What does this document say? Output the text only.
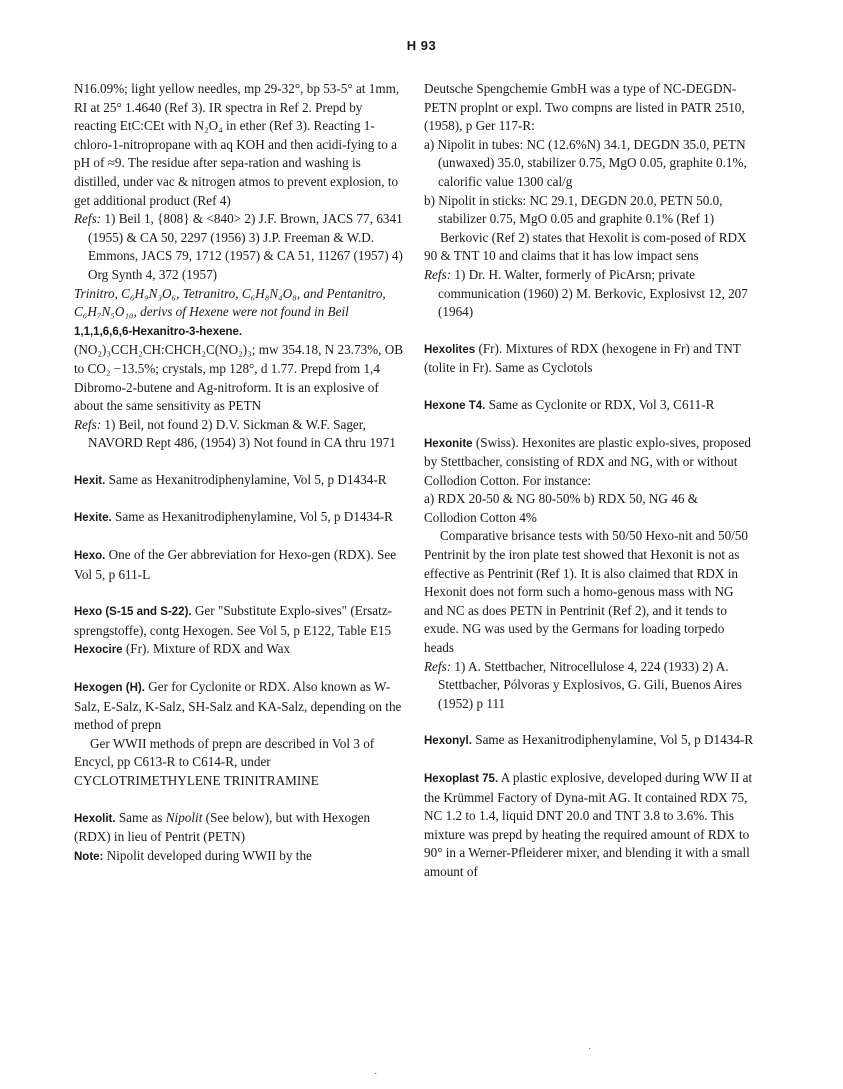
H 93

N16.09%; light yellow needles, mp 29-32°, bp 53-5° at 1mm, RI at 25° 1.4640 (Ref 3). IR spectra in Ref 2. Prepd by reacting EtC:CEt with N₂O₄ in ether (Ref 3). Reacting 1-chloro-1-nitropropane with aq KOH and then acidi-fying to a pH of ≈9. The residue after sepa-ration and washing is distilled, under vac & nitrogen atmos to prevent explosion, to get additional product (Ref 4)

Refs: 1) Beil 1, {808} & <840> 2) J.F. Brown, JACS 77, 6341 (1955) & CA 50, 2297 (1956) 3) J.P. Freeman & W.D. Emmons, JACS 79, 1712 (1957) & CA 51, 11267 (1957) 4) Org Synth 4, 372 (1957)

Trinitro, C₆H₉N₃O₆, Tetranitro, C₆H₈N₄O₈, and Pentanitro, C₆H₇N₅O₁₀, derivs of Hexene were not found in Beil

1,1,1,6,6,6-Hexanitro-3-hexene. (NO₂)₃CCH₂CH:CHCH₂C(NO₂)₃; mw 354.18, N 23.73%, OB to CO₂ −13.5%; crystals, mp 128°, d 1.77. Prepd from 1,4 Dibromo-2-butene and Ag-nitroform. It is an explosive of about the same sensitivity as PETN

Refs: 1) Beil, not found 2) D.V. Sickman & W.F. Sager, NAVORD Rept 486, (1954) 3) Not found in CA thru 1971

Hexit. Same as Hexanitrodiphenylamine, Vol 5, p D1434-R

Hexite. Same as Hexanitrodiphenylamine, Vol 5, p D1434-R

Hexo. One of the Ger abbreviation for Hexo-gen (RDX). See Vol 5, p 611-L

Hexo (S-15 and S-22). Ger "Substitute Explo-sives" (Ersatz-sprengstoffe), contg Hexogen. See Vol 5, p E122, Table E15

Hexocire (Fr). Mixture of RDX and Wax

Hexogen (H). Ger for Cyclonite or RDX. Also known as W-Salz, E-Salz, K-Salz, SH-Salz and KA-Salz, depending on the method of prepn

Ger WWII methods of prepn are described in Vol 3 of Encycl, pp C613-R to C614-R, under CYCLOTRIMETHYLENE TRINITRAMINE

Hexolit. Same as Nipolit (See below), but with Hexogen (RDX) in lieu of Pentrit (PETN)

Note: Nipolit developed during WWII by the

Deutsche Spengchemie GmbH was a type of NC-DEGDN-PETN proplnt or expl. Two compns are listed in PATR 2510, (1958), p Ger 117-R:

a) Nipolit in tubes: NC (12.6%N) 34.1, DEGDN 35.0, PETN (unwaxed) 35.0, stabilizer 0.75, MgO 0.05, graphite 0.1%, calorific value 1300 cal/g

b) Nipolit in sticks: NC 29.1, DEGDN 20.0, PETN 50.0, stabilizer 0.75, MgO 0.05 and graphite 0.1% (Ref 1)

Berkovic (Ref 2) states that Hexolit is com-posed of RDX 90 & TNT 10 and claims that it has low impact sens

Refs: 1) Dr. H. Walter, formerly of PicArsn; private communication (1960) 2) M. Berkovic, Explosivst 12, 207 (1964)

Hexolites (Fr). Mixtures of RDX (hexogene in Fr) and TNT (tolite in Fr). Same as Cyclotols

Hexone T4. Same as Cyclonite or RDX, Vol 3, C611-R

Hexonite (Swiss). Hexonites are plastic explo-sives, proposed by Stettbacher, consisting of RDX and NG, with or without Collodion Cotton. For instance:

a) RDX 20-50 & NG 80-50% b) RDX 50, NG 46 & Collodion Cotton 4%

Comparative brisance tests with 50/50 Hexo-nit and 50/50 Pentrinit by the iron plate test showed that Hexonit is not as effective as Pentrinit (Ref 1). It is also claimed that RDX in Hexonit does not form such a homo-genous mass with NG and NC as does PETN in Pentrinit (Ref 2), and it tends to exude. NG was used by the Germans for loading torpedo heads

Refs: 1) A. Stettbacher, Nitrocellulose 4, 224 (1933) 2) A. Stettbacher, Pólvoras y Explosivos, G. Gili, Buenos Aires (1952) p 111

Hexonyl. Same as Hexanitrodiphenylamine, Vol 5, p D1434-R

Hexoplast 75. A plastic explosive, developed during WW II at the Krümmel Factory of Dyna-mit AG. It contained RDX 75, NC 1.2 to 1.4, liquid DNT 20.0 and TNT 3.8 to 3.6%. This mixture was prepd by heating the required amount of RDX to 90° in a Werner-Pfleiderer mixer, and blending it with a small amount of

·
·
